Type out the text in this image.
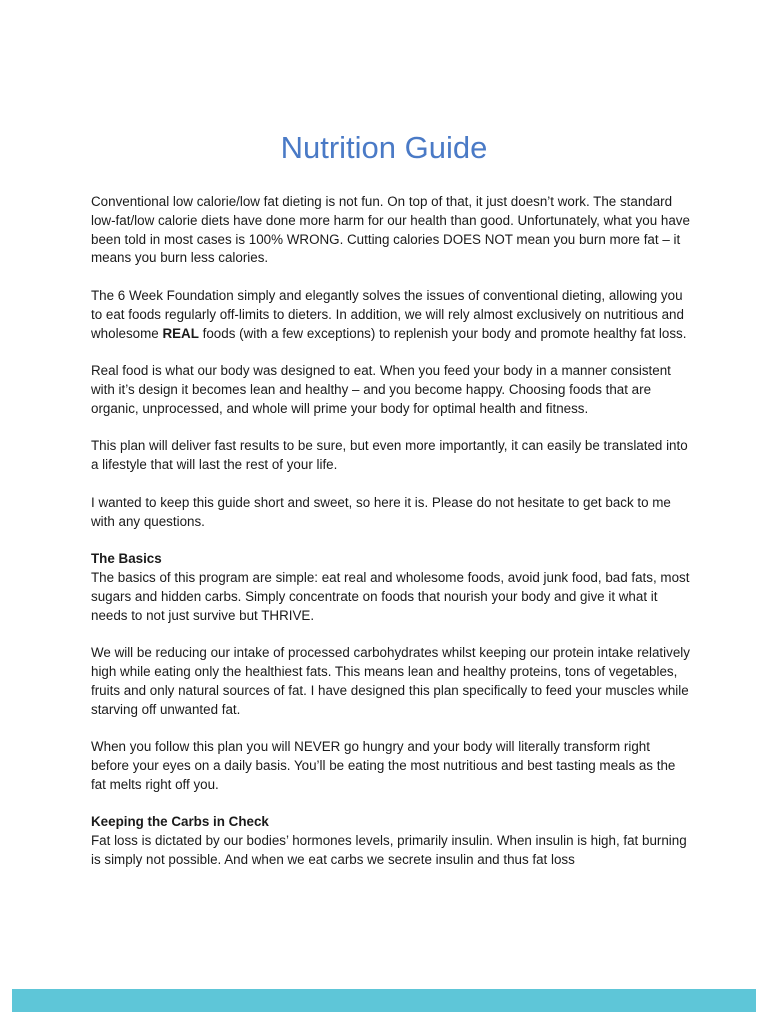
Nutrition Guide

Conventional low calorie/low fat dieting is not fun. On top of that, it just doesn’t work. The standard low-fat/low calorie diets have done more harm for our health than good. Unfortunately, what you have been told in most cases is 100% WRONG. Cutting calories DOES NOT mean you burn more fat – it means you burn less calories.

The 6 Week Foundation simply and elegantly solves the issues of conventional dieting, allowing you to eat foods regularly off-limits to dieters. In addition, we will rely almost exclusively on nutritious and wholesome REAL foods (with a few exceptions) to replenish your body and promote healthy fat loss.

Real food is what our body was designed to eat. When you feed your body in a manner consistent with it’s design it becomes lean and healthy – and you become happy. Choosing foods that are organic, unprocessed, and whole will prime your body for optimal health and fitness.

This plan will deliver fast results to be sure, but even more importantly, it can easily be translated into a lifestyle that will last the rest of your life.

I wanted to keep this guide short and sweet, so here it is. Please do not hesitate to get back to me with any questions.

The Basics

The basics of this program are simple: eat real and wholesome foods, avoid junk food, bad fats, most sugars and hidden carbs. Simply concentrate on foods that nourish your body and give it what it needs to not just survive but THRIVE.

We will be reducing our intake of processed carbohydrates whilst keeping our protein intake relatively high while eating only the healthiest fats. This means lean and healthy proteins, tons of vegetables, fruits and only natural sources of fat. I have designed this plan specifically to feed your muscles while starving off unwanted fat.

When you follow this plan you will NEVER go hungry and your body will literally transform right before your eyes on a daily basis. You’ll be eating the most nutritious and best tasting meals as the fat melts right off you.

Keeping the Carbs in Check

Fat loss is dictated by our bodies’ hormones levels, primarily insulin. When insulin is high, fat burning is simply not possible. And when we eat carbs we secrete insulin and thus fat loss
